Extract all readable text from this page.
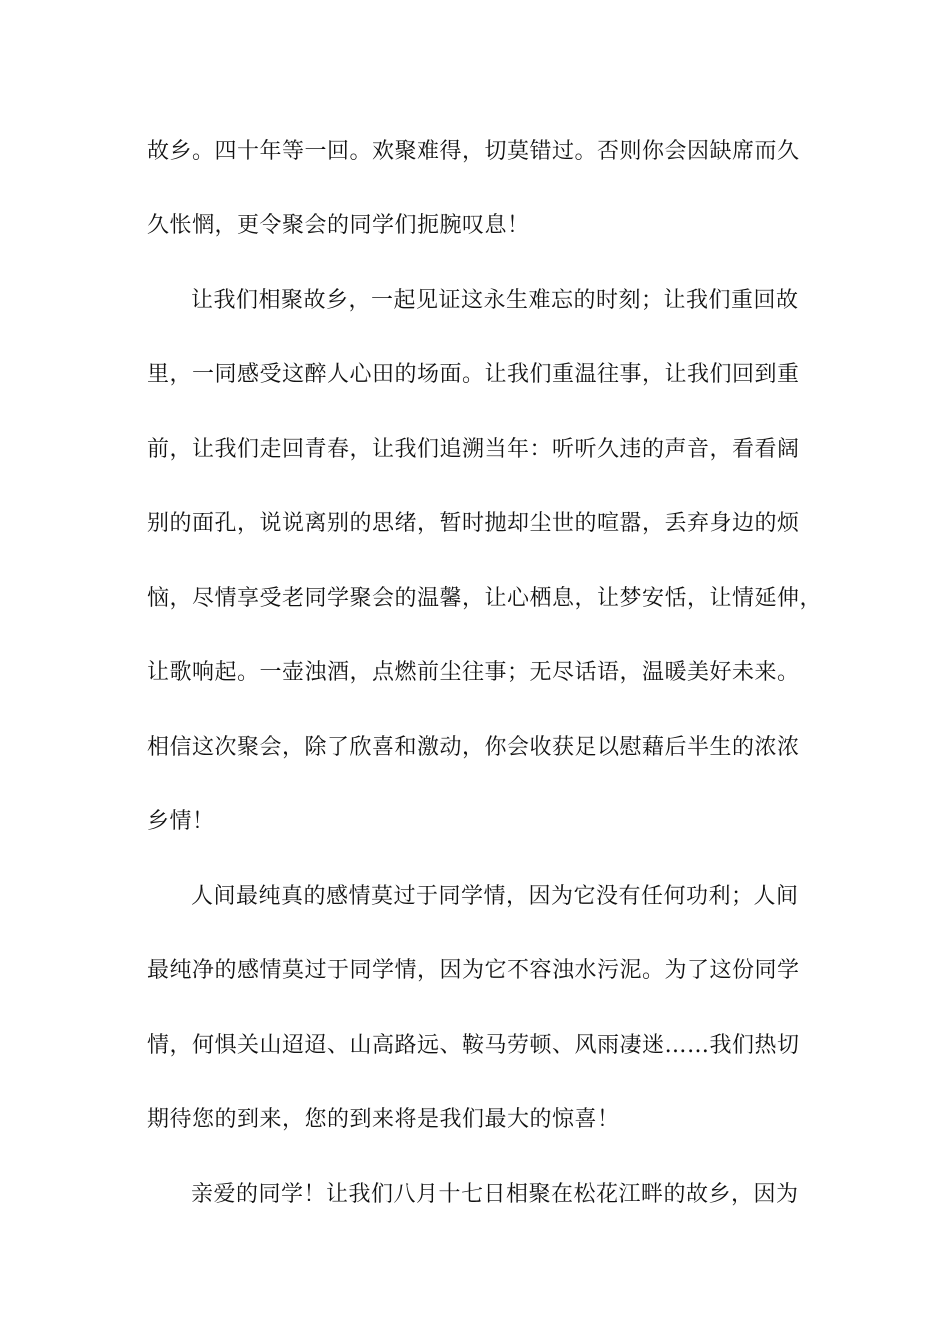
故乡。四十年等一回。欢聚难得，切莫错过。否则你会因缺席而久
久怅惘，更令聚会的同学们扼腕叹息！
让我们相聚故乡，一起见证这永生难忘的时刻；让我们重回故
里，一同感受这醉人心田的场面。让我们重温往事，让我们回到重
前，让我们走回青春，让我们追溯当年：听听久违的声音，看看阔
别的面孔，说说离别的思绪，暂时抛却尘世的喧嚣，丢弃身边的烦
恼，尽情享受老同学聚会的温馨，让心栖息，让梦安恬，让情延伸，
让歌响起。一壶浊酒，点燃前尘往事；无尽话语，温暖美好未来。
相信这次聚会，除了欣喜和激动，你会收获足以慰藉后半生的浓浓
乡情！
人间最纯真的感情莫过于同学情，因为它没有任何功利；人间
最纯净的感情莫过于同学情，因为它不容浊水污泥。为了这份同学
情，何惧关山迢迢、山高路远、鞍马劳顿、风雨凄迷……我们热切
期待您的到来，您的到来将是我们最大的惊喜！
亲爱的同学！让我们八月十七日相聚在松花江畔的故乡，因为
